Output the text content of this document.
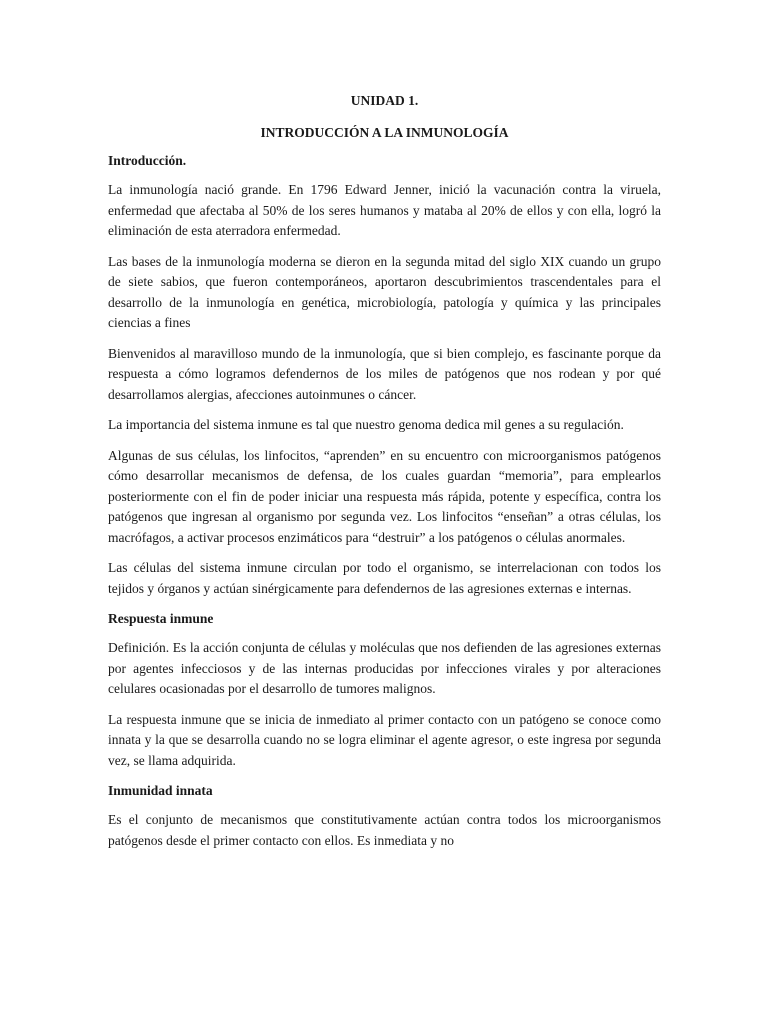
UNIDAD 1.
INTRODUCCIÓN A LA INMUNOLOGÍA
Introducción.

La inmunología nació grande. En 1796 Edward Jenner, inició la vacunación contra la viruela, enfermedad que afectaba al 50% de los seres humanos y mataba al 20% de ellos y con ella, logró la eliminación de esta aterradora enfermedad.

Las bases de la inmunología moderna se dieron en la segunda mitad del siglo XIX cuando un grupo de siete sabios, que fueron contemporáneos, aportaron descubrimientos trascendentales para el desarrollo de la inmunología en genética, microbiología, patología y química y las principales ciencias a fines

Bienvenidos al maravilloso mundo de la inmunología, que si bien complejo, es fascinante porque da respuesta a cómo logramos defendernos de los miles de patógenos que nos rodean y por qué desarrollamos alergias, afecciones autoinmunes o cáncer.

La importancia del sistema inmune es tal que nuestro genoma dedica mil genes a su regulación.

Algunas de sus células, los linfocitos, “aprenden” en su encuentro con microorganismos patógenos cómo desarrollar mecanismos de defensa, de los cuales guardan “memoria”, para emplearlos posteriormente con el fin de poder iniciar una respuesta más rápida, potente y específica, contra los patógenos que ingresan al organismo por segunda vez. Los linfocitos “enseñan” a otras células, los macrófagos, a activar procesos enzimáticos para “destruir” a los patógenos o células anormales.

Las células del sistema inmune circulan por todo el organismo, se interrelacionan con todos los tejidos y órganos y actúan sinérgicamente para defendernos de las agresiones externas e internas.

Respuesta inmune

Definición. Es la acción conjunta de células y moléculas que nos defienden de las agresiones externas por agentes infecciosos y de las internas producidas por infecciones virales y por alteraciones celulares ocasionadas por el desarrollo de tumores malignos.

La respuesta inmune que se inicia de inmediato al primer contacto con un patógeno se conoce como innata y la que se desarrolla cuando no se logra eliminar el agente agresor, o este ingresa por segunda vez, se llama adquirida.

Inmunidad innata

Es el conjunto de mecanismos que constitutivamente actúan contra todos los microorganismos patógenos desde el primer contacto con ellos. Es inmediata y no
